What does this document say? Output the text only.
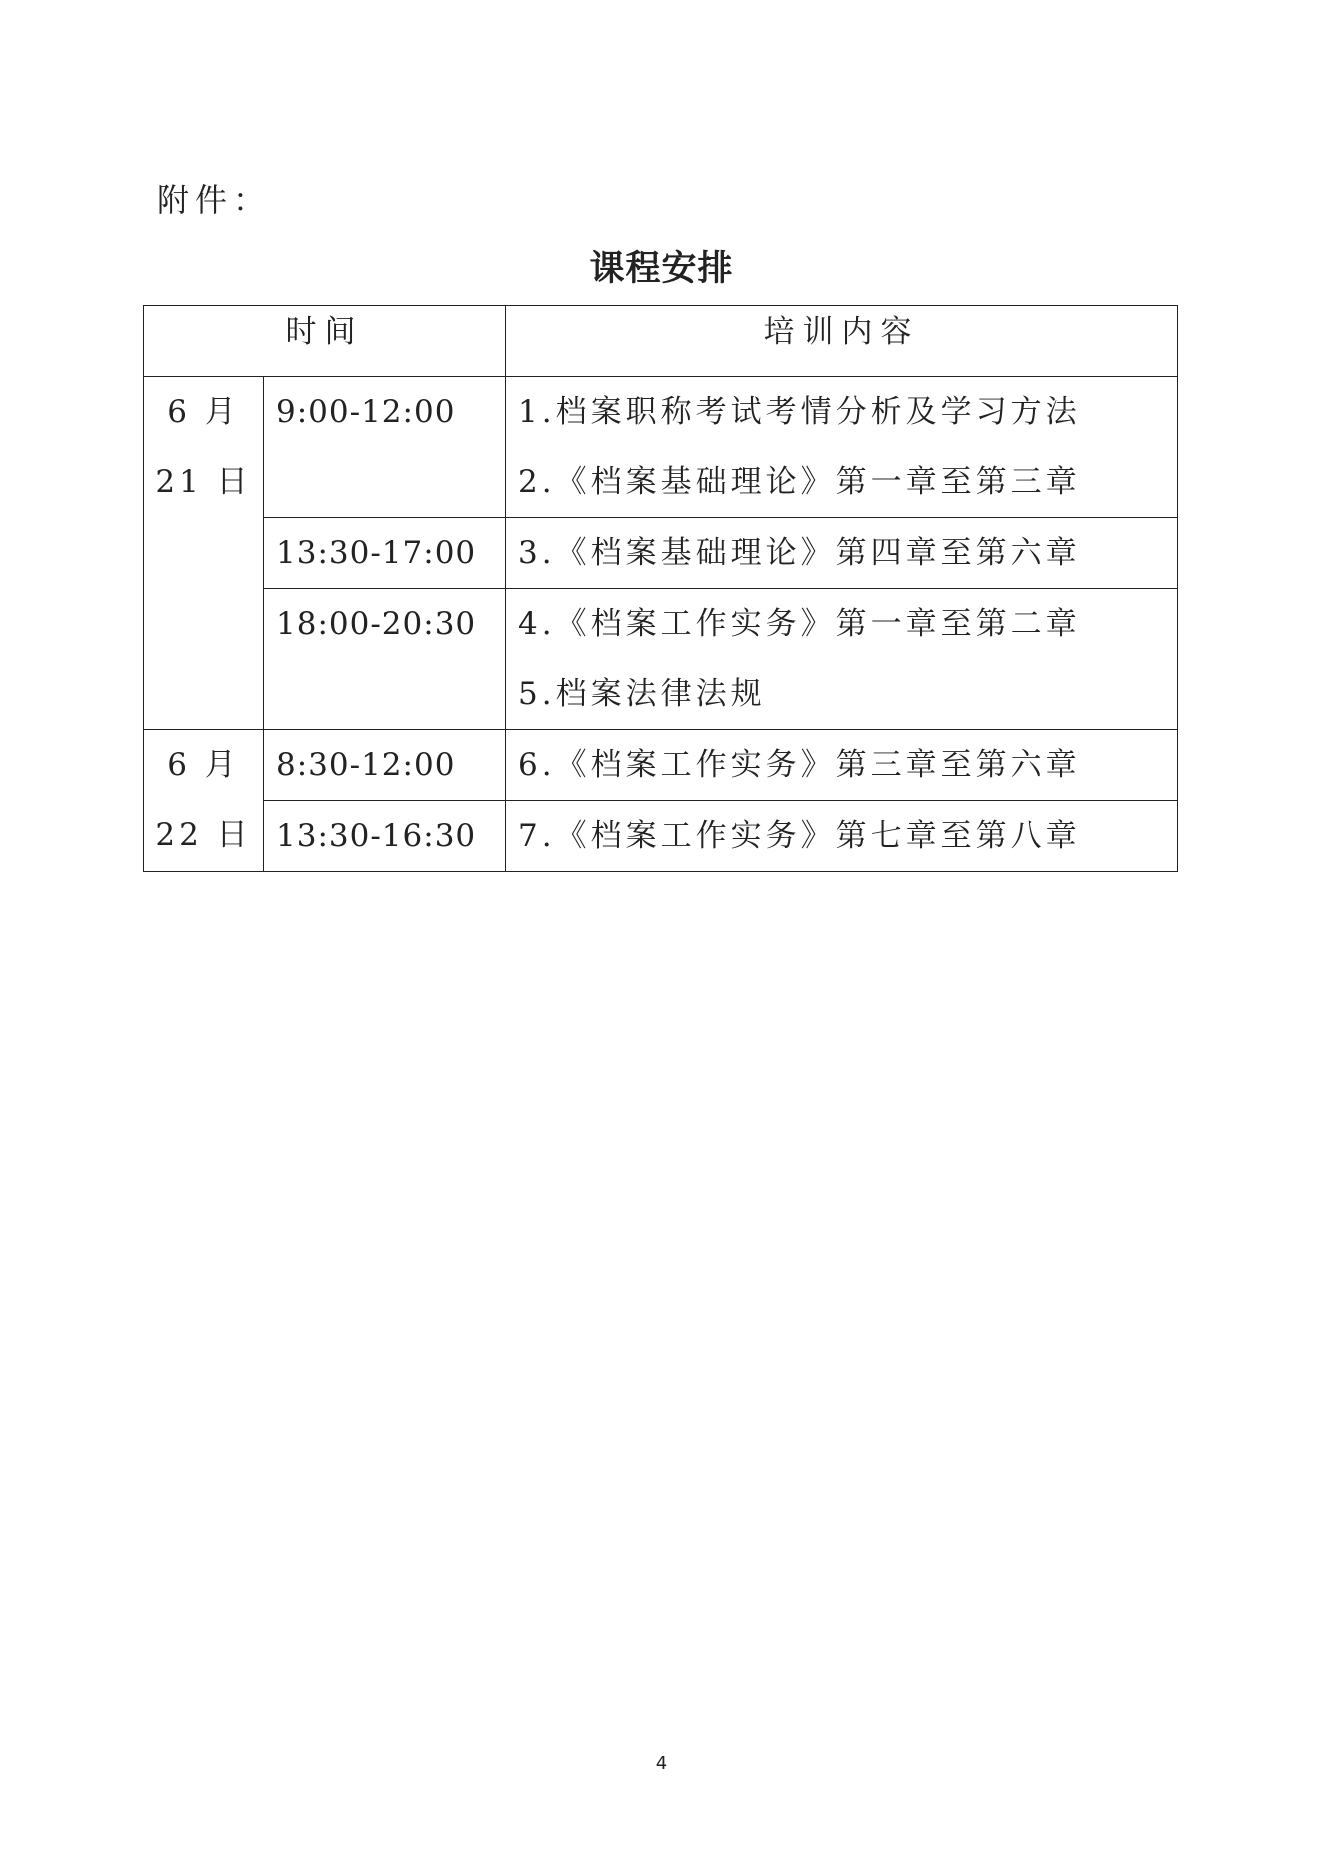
附件：
课程安排
时间		培训内容

6 月
21 日	9:00-12:00	1.档案职称考试考情分析及学习方法
2.《档案基础理论》第一章至第三章

	13:30-17:00	3.《档案基础理论》第四章至第六章

	18:00-20:30	4.《档案工作实务》第一章至第二章
5.档案法律法规

6 月
22 日	8:30-12:00	6.《档案工作实务》第三章至第六章

	13:30-16:30	7.《档案工作实务》第七章至第八章
4
